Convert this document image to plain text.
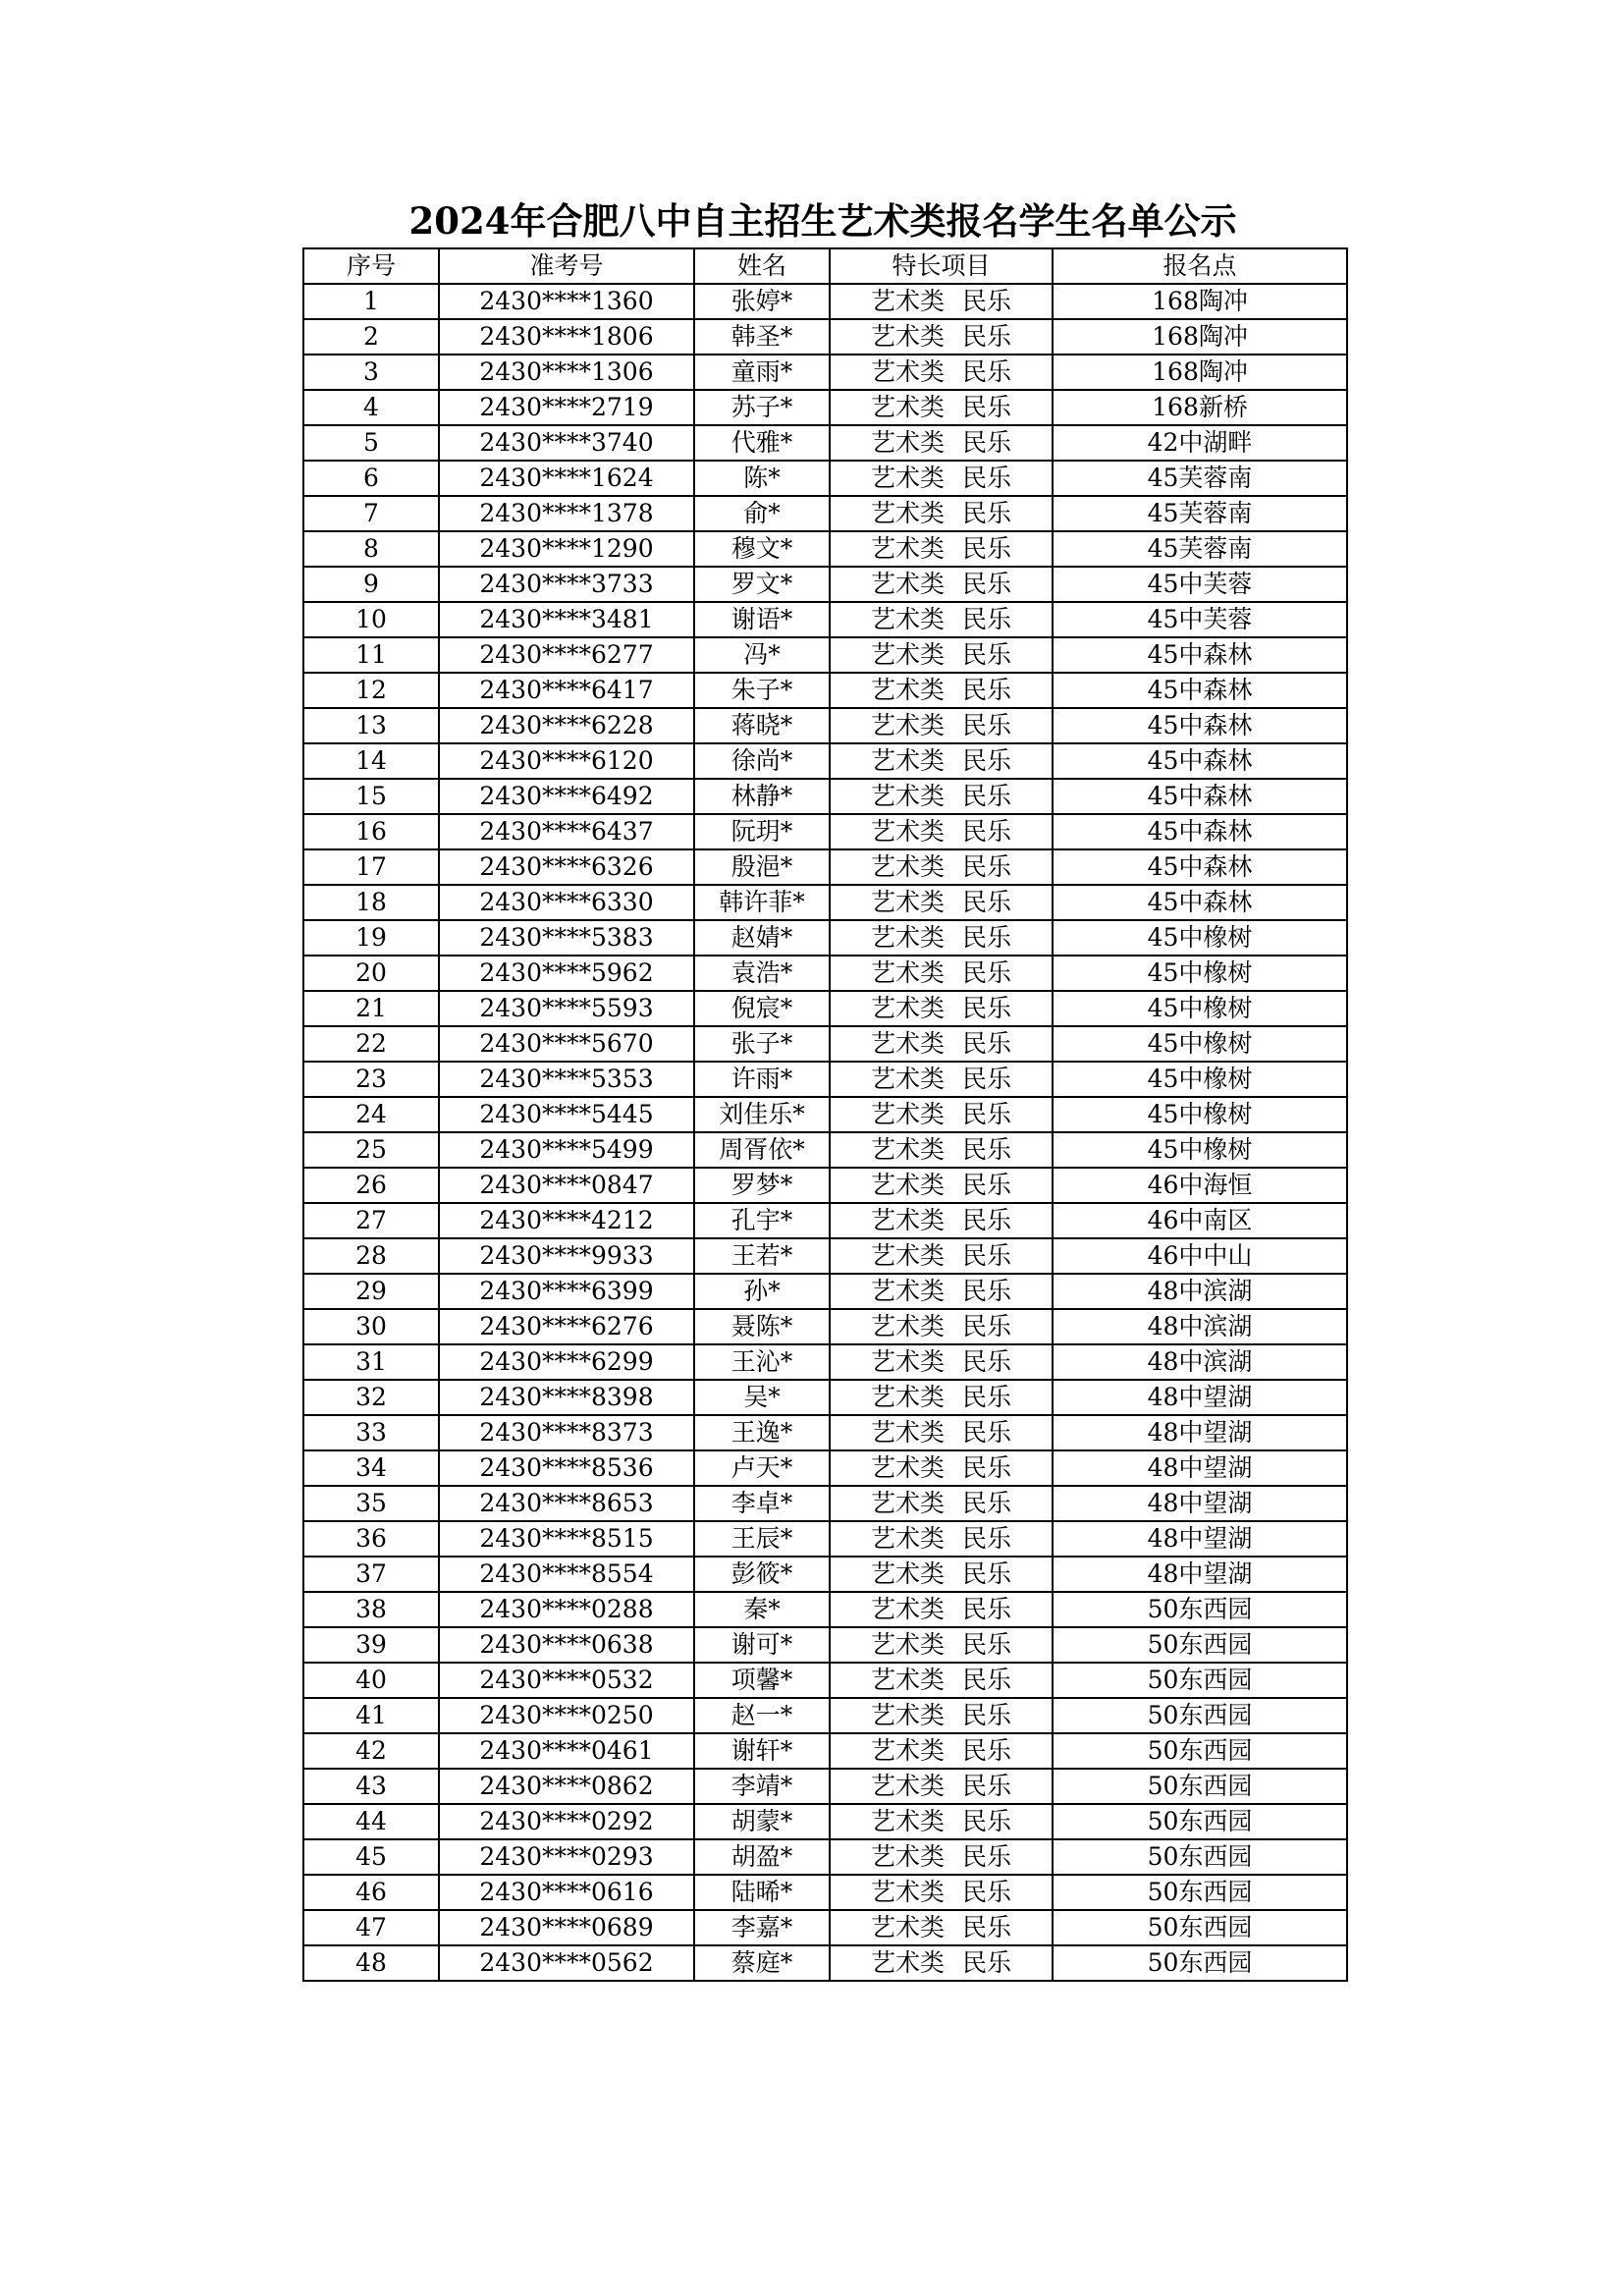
2024年合肥八中自主招生艺术类报名学生名单公示
序号	准考号	姓名	特长项目	报名点
1	2430****1360	张婷*	艺术类 民乐	168陶冲
2	2430****1806	韩圣*	艺术类 民乐	168陶冲
3	2430****1306	童雨*	艺术类 民乐	168陶冲
4	2430****2719	苏子*	艺术类 民乐	168新桥
5	2430****3740	代雅*	艺术类 民乐	42中湖畔
6	2430****1624	陈*	艺术类 民乐	45芙蓉南
7	2430****1378	俞*	艺术类 民乐	45芙蓉南
8	2430****1290	穆文*	艺术类 民乐	45芙蓉南
9	2430****3733	罗文*	艺术类 民乐	45中芙蓉
10	2430****3481	谢语*	艺术类 民乐	45中芙蓉
11	2430****6277	冯*	艺术类 民乐	45中森林
12	2430****6417	朱子*	艺术类 民乐	45中森林
13	2430****6228	蒋晓*	艺术类 民乐	45中森林
14	2430****6120	徐尚*	艺术类 民乐	45中森林
15	2430****6492	林静*	艺术类 民乐	45中森林
16	2430****6437	阮玥*	艺术类 民乐	45中森林
17	2430****6326	殷浥*	艺术类 民乐	45中森林
18	2430****6330	韩许菲*	艺术类 民乐	45中森林
19	2430****5383	赵婧*	艺术类 民乐	45中橡树
20	2430****5962	袁浩*	艺术类 民乐	45中橡树
21	2430****5593	倪宸*	艺术类 民乐	45中橡树
22	2430****5670	张子*	艺术类 民乐	45中橡树
23	2430****5353	许雨*	艺术类 民乐	45中橡树
24	2430****5445	刘佳乐*	艺术类 民乐	45中橡树
25	2430****5499	周胥依*	艺术类 民乐	45中橡树
26	2430****0847	罗梦*	艺术类 民乐	46中海恒
27	2430****4212	孔宇*	艺术类 民乐	46中南区
28	2430****9933	王若*	艺术类 民乐	46中中山
29	2430****6399	孙*	艺术类 民乐	48中滨湖
30	2430****6276	聂陈*	艺术类 民乐	48中滨湖
31	2430****6299	王沁*	艺术类 民乐	48中滨湖
32	2430****8398	吴*	艺术类 民乐	48中望湖
33	2430****8373	王逸*	艺术类 民乐	48中望湖
34	2430****8536	卢天*	艺术类 民乐	48中望湖
35	2430****8653	李卓*	艺术类 民乐	48中望湖
36	2430****8515	王辰*	艺术类 民乐	48中望湖
37	2430****8554	彭筱*	艺术类 民乐	48中望湖
38	2430****0288	秦*	艺术类 民乐	50东西园
39	2430****0638	谢可*	艺术类 民乐	50东西园
40	2430****0532	项馨*	艺术类 民乐	50东西园
41	2430****0250	赵一*	艺术类 民乐	50东西园
42	2430****0461	谢轩*	艺术类 民乐	50东西园
43	2430****0862	李靖*	艺术类 民乐	50东西园
44	2430****0292	胡蒙*	艺术类 民乐	50东西园
45	2430****0293	胡盈*	艺术类 民乐	50东西园
46	2430****0616	陆晞*	艺术类 民乐	50东西园
47	2430****0689	李嘉*	艺术类 民乐	50东西园
48	2430****0562	蔡庭*	艺术类 民乐	50东西园
